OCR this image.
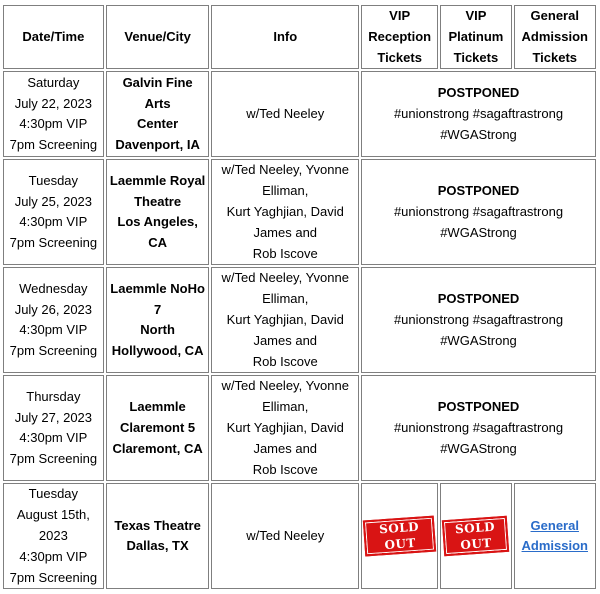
Date/Time	Venue/City	Info	VIP
Reception
Tickets	VIP
Platinum
Tickets	General
Admission
Tickets
Saturday
July 22, 2023
4:30pm VIP
7pm Screening	Galvin Fine Arts
Center
Davenport, IA	w/Ted Neeley	POSTPONED
#unionstrong #sagaftrastrong
#WGAStrong		
Tuesday
July 25, 2023
4:30pm VIP
7pm Screening	Laemmle Royal
Theatre
Los Angeles,
CA	w/Ted Neeley, Yvonne
Elliman,
Kurt Yaghjian, David
James and
Rob Iscove	POSTPONED
#unionstrong #sagaftrastrong
#WGAStrong		
Wednesday
July 26, 2023
4:30pm VIP
7pm Screening	Laemmle NoHo
7
North
Hollywood, CA	w/Ted Neeley, Yvonne
Elliman,
Kurt Yaghjian, David
James and
Rob Iscove	POSTPONED
#unionstrong #sagaftrastrong
#WGAStrong		
Thursday
July 27, 2023
4:30pm VIP
7pm Screening	Laemmle
Claremont 5
Claremont, CA	w/Ted Neeley, Yvonne
Elliman,
Kurt Yaghjian, David
James and
Rob Iscove	POSTPONED
#unionstrong #sagaftrastrong
#WGAStrong		
Tuesday
August 15th,
2023
4:30pm VIP
7pm Screening	Texas Theatre
Dallas, TX	w/Ted Neeley	SOLD OUT	SOLD OUT	General
Admission
